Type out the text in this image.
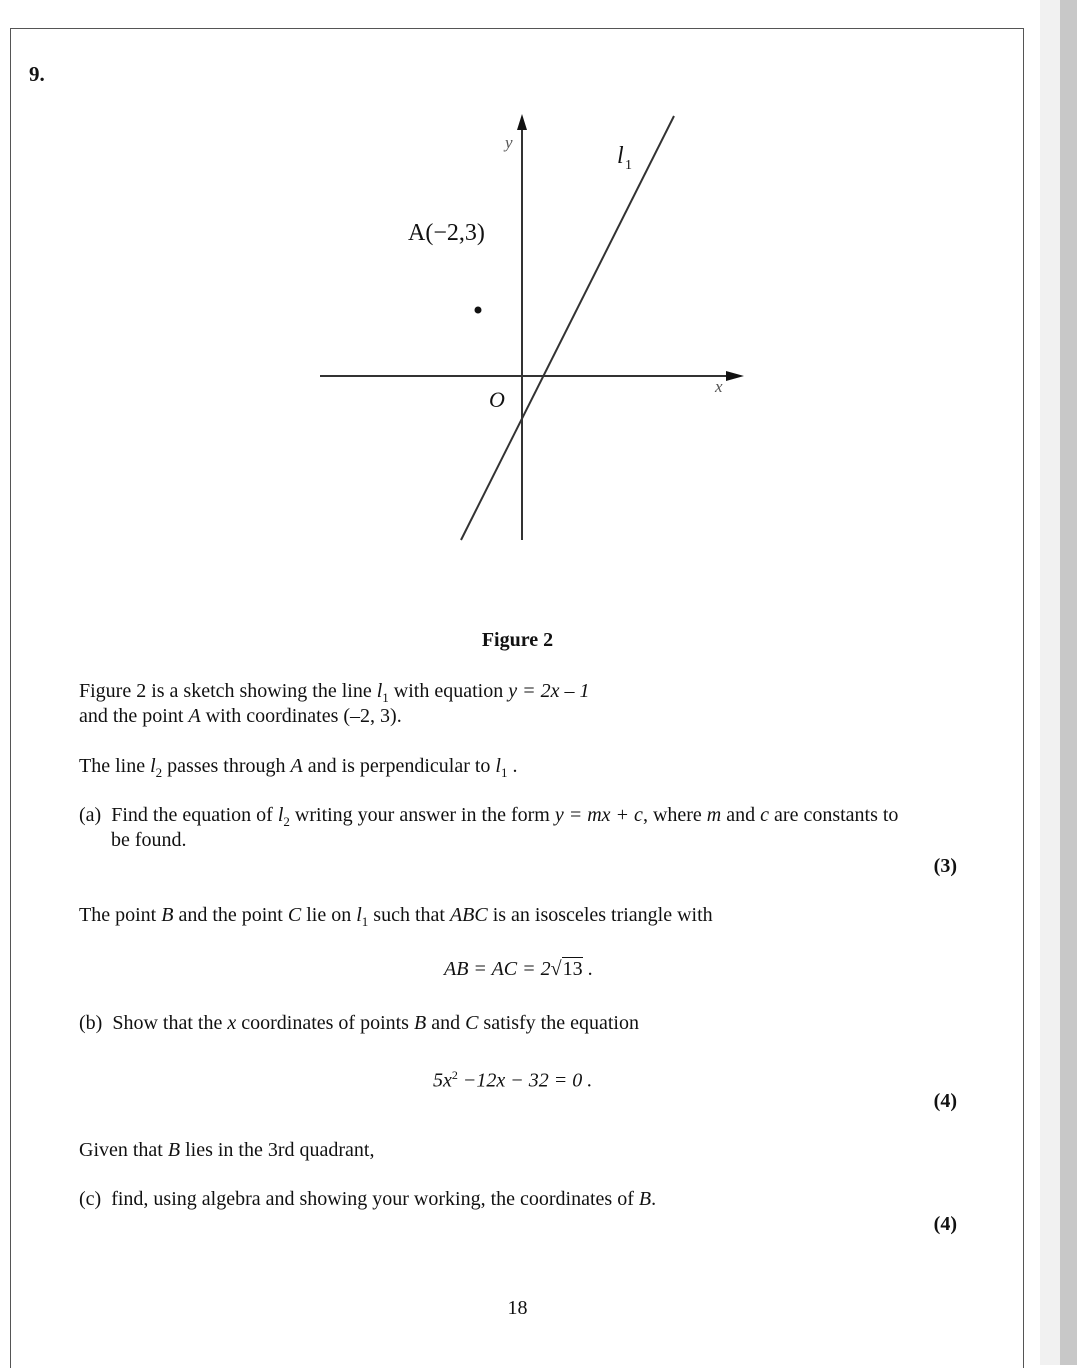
9.
y
x
O
l 1
A(−2,3)
Figure 2
Figure 2 is a sketch showing the line $l_1$ with equation y = 2x – 1
and the point A with coordinates (–2, 3).
The line $l_2$ passes through A and is perpendicular to $l_1$ .
(a) Find the equation of $l_2$ writing your answer in the form y = mx + c, where m and c are constants to
be found.
(3)
The point B and the point C lie on $l_1$ such that ABC is an isosceles triangle with
AB = AC = 2√13 .
(b) Show that the x coordinates of points B and C satisfy the equation
$5x^2 -12x - 32 = 0$ .
(4)
Given that B lies in the 3rd quadrant,
(c) find, using algebra and showing your working, the coordinates of B.
(4)
18
